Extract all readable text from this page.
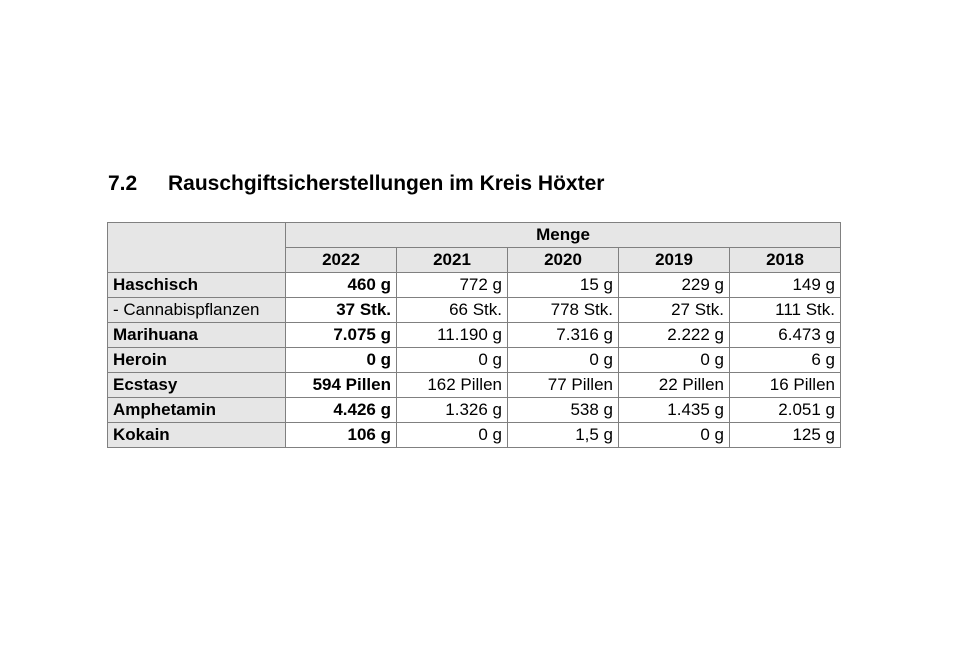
7.2 Rauschgiftsicherstellungen im Kreis Höxter
	Menge				
	2022	2021	2020	2019	2018
Haschisch	460 g	772 g	15 g	229 g	149 g
- Cannabispflanzen	37 Stk.	66 Stk.	778 Stk.	27 Stk.	111 Stk.
Marihuana	7.075 g	11.190 g	7.316 g	2.222 g	6.473 g
Heroin	0 g	0 g	0 g	0 g	6 g
Ecstasy	594 Pillen	162 Pillen	77 Pillen	22 Pillen	16 Pillen
Amphetamin	4.426 g	1.326 g	538 g	1.435 g	2.051 g
Kokain	106 g	0 g	1,5 g	0 g	125 g
